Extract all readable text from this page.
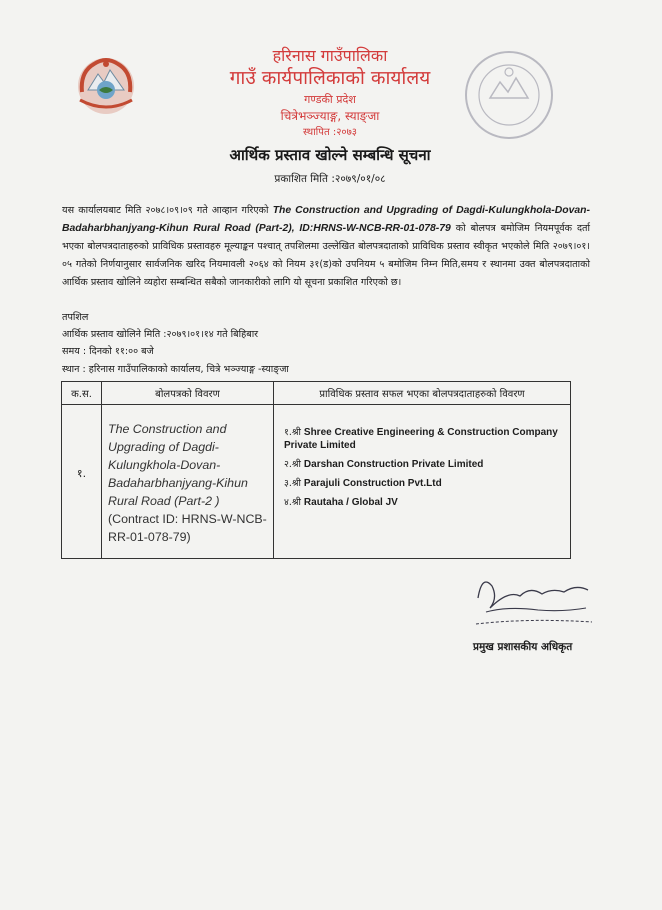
हरिनास गाउँपालिका
गाउँ कार्यपालिकाको कार्यालय
गण्डकी प्रदेश
चित्रेभञ्ज्याङ्ग, स्याङ्जा
स्थापित :२०७३
आर्थिक प्रस्ताव खोल्ने सम्बन्धि सूचना
प्रकाशित मिति :२०७९/०१/०८
यस कार्यालयबाट मिति २०७८।०९।०९ गते आव्हान गरिएको The Construction and Upgrading of Dagdi-Kulungkhola-Dovan-Badaharbhanjyang-Kihun Rural Road (Part-2), ID:HRNS-W-NCB-RR-01-078-79 को बोलपत्र बमोजिम नियमपूर्वक दर्ता भएका बोलपत्रदाताहरुको प्राविधिक प्रस्तावहरु मूल्याङ्कन पश्चात् तपशिलमा उल्लेखित बोलपत्रदाताको प्राविधिक प्रस्ताव स्वीकृत भएकोले मिति २०७९।०१।०५ गतेको निर्णयानुसार सार्वजनिक खरिद नियमावली २०६४ को नियम ३१(ड)को उपनियम ५ बमोजिम निम्न मिति,समय र स्थानमा उक्त बोलपत्रदाताको आर्थिक प्रस्ताव खोलिने व्यहोरा सम्बन्धित सबैको जानकारीको लागि यो सूचना प्रकाशित गरिएको छ।
तपशिल
आर्थिक प्रस्ताव खोलिने मिति :२०७९।०१।१४ गते बिहिबार
समय : दिनको ११:०० बजे
स्थान : हरिनास गाउँपालिकाको कार्यालय, चित्रे भञ्ज्याङ्ग -स्याङ्जा
क.स.	बोलपत्रको विवरण	प्राविधिक प्रस्ताव सफल भएका बोलपत्रदाताहरुको विवरण
१.
The Construction and Upgrading of Dagdi-Kulungkhola-Dovan-Badaharbhanjyang-Kihun Rural Road (Part-2 )
(Contract ID: HRNS-W-NCB-RR-01-078-79)
१.श्री Shree Creative Engineering & Construction Company Private Limited
२.श्री Darshan Construction Private Limited
३.श्री Parajuli Construction Pvt.Ltd
४.श्री Rautaha / Global JV
प्रमुख प्रशासकीय अधिकृत
